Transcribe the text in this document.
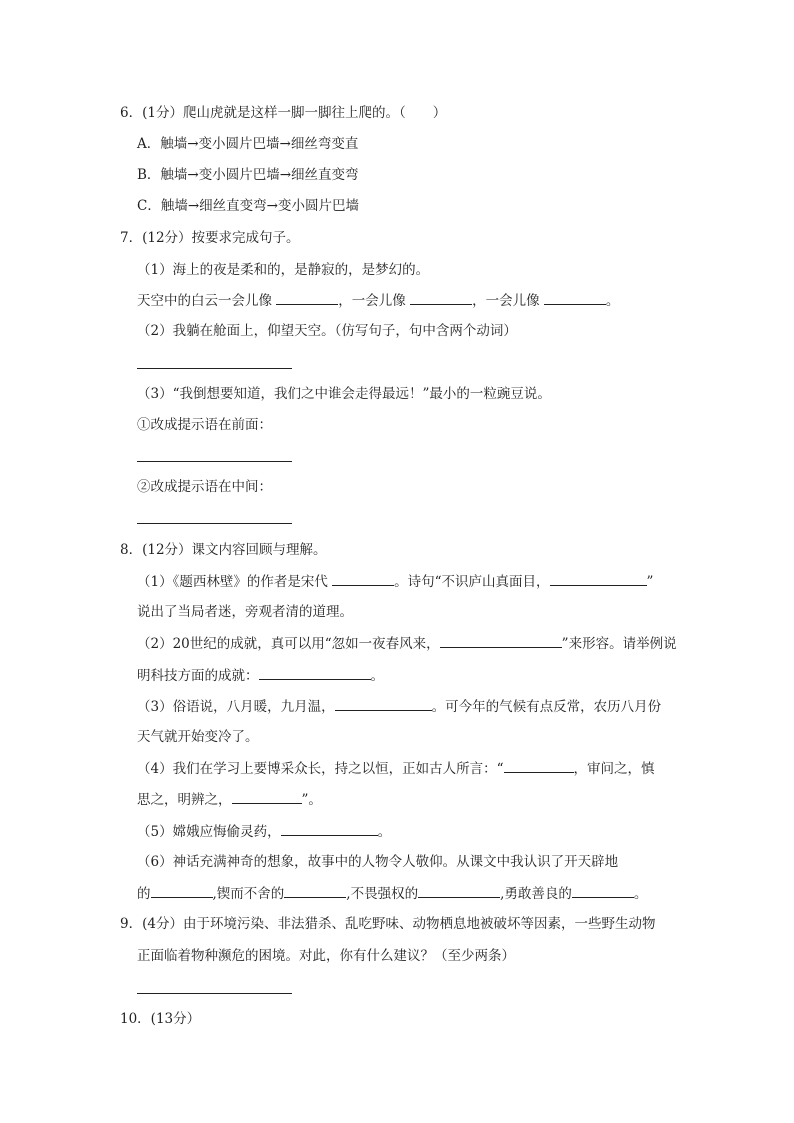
6．(1分）爬山虎就是这样一脚一脚往上爬的。（　　）
A．触墙→变小圆片巴墙→细丝弯变直
B．触墙→变小圆片巴墙→细丝直变弯
C．触墙→细丝直变弯→变小圆片巴墙
7．(12分）按要求完成句子。
（1）海上的夜是柔和的，是静寂的，是梦幻的。
天空中的白云一会儿像	，一会儿像	，一会儿像	。
（2）我躺在舱面上，仰望天空。（仿写句子，句中含两个动词）
（3）“我倒想要知道，我们之中谁会走得最远！”最小的一粒豌豆说。
①改成提示语在前面：
②改成提示语在中间：
8．(12分）课文内容回顾与理解。
（1）《题西林壁》的作者是宋代	。诗句“不识庐山真面目，	”
说出了当局者迷，旁观者清的道理。
（2）20世纪的成就，真可以用“忽如一夜春风来，	”来形容。请举例说
明科技方面的成就：	。
（3）俗语说，八月暖，九月温，	。可今年的气候有点反常，农历八月份
天气就开始变冷了。
（4）我们在学习上要博采众长，持之以恒，正如古人所言：“	，审问之，慎
思之，明辨之，	”。
（5）嫦娥应悔偷灵药，	。
（6）神话充满神奇的想象，故事中的人物令人敬仰。从课文中我认识了开天辟地
的	,锲而不舍的	,不畏强权的	,勇敢善良的	。
9．(4分）由于环境污染、非法猎杀、乱吃野味、动物栖息地被破坏等因素，一些野生动物
正面临着物种濒危的困境。对此，你有什么建议？（至少两条）
10．(13分）
